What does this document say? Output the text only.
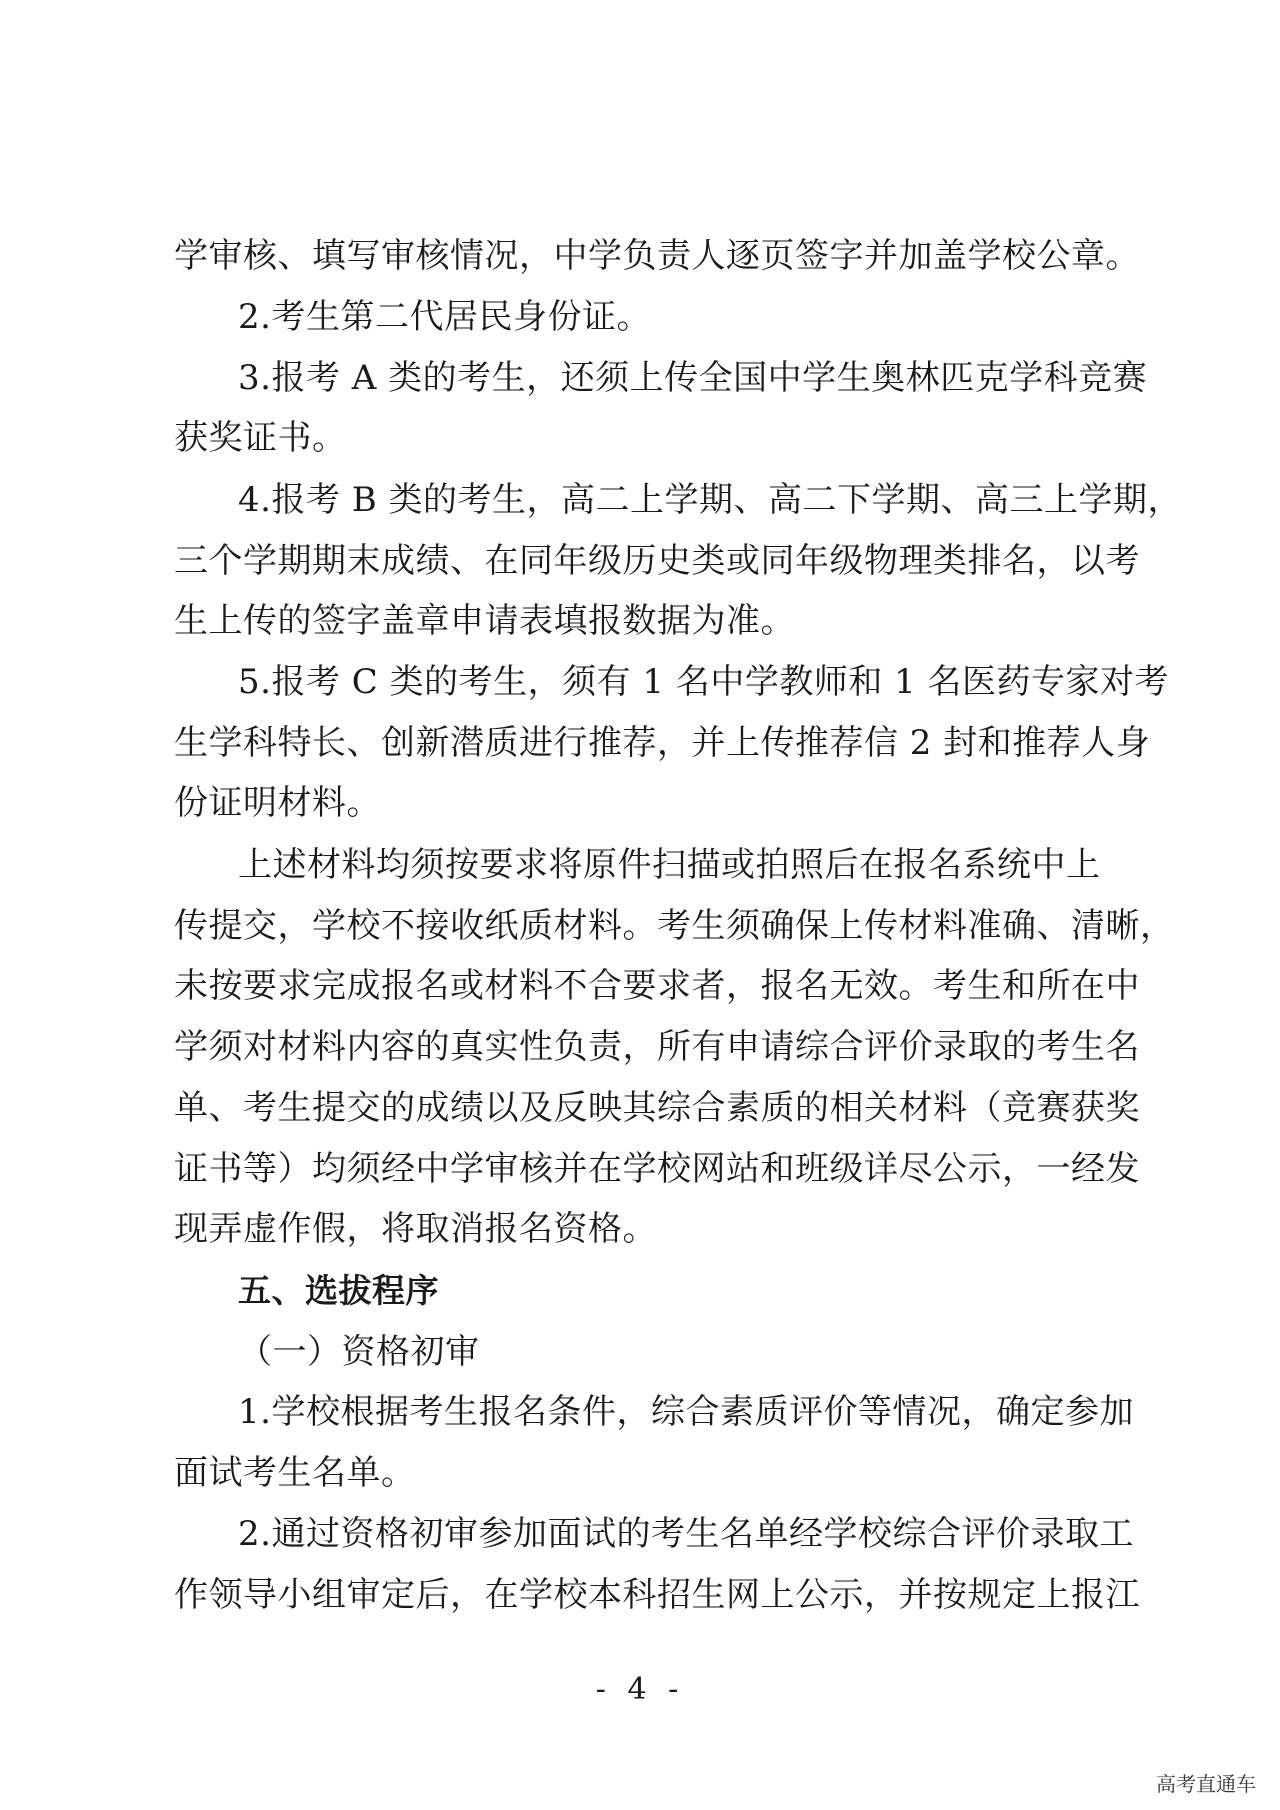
学审核、填写审核情况，中学负责人逐页签字并加盖学校公章。
2.考生第二代居民身份证。
3.报考 A 类的考生，还须上传全国中学生奥林匹克学科竞赛
获奖证书。
4.报考 B 类的考生，高二上学期、高二下学期、高三上学期，
三个学期期末成绩、在同年级历史类或同年级物理类排名，以考
生上传的签字盖章申请表填报数据为准。
5.报考 C 类的考生，须有 1 名中学教师和 1 名医药专家对考
生学科特长、创新潜质进行推荐，并上传推荐信 2 封和推荐人身
份证明材料。
上述材料均须按要求将原件扫描或拍照后在报名系统中上
传提交，学校不接收纸质材料。考生须确保上传材料准确、清晰，
未按要求完成报名或材料不合要求者，报名无效。考生和所在中
学须对材料内容的真实性负责，所有申请综合评价录取的考生名
单、考生提交的成绩以及反映其综合素质的相关材料（竞赛获奖
证书等）均须经中学审核并在学校网站和班级详尽公示，一经发
现弄虚作假，将取消报名资格。
五、选拔程序
（一）资格初审
1.学校根据考生报名条件，综合素质评价等情况，确定参加
面试考生名单。
2.通过资格初审参加面试的考生名单经学校综合评价录取工
作领导小组审定后，在学校本科招生网上公示，并按规定上报江
- 4 -
高考直通车
